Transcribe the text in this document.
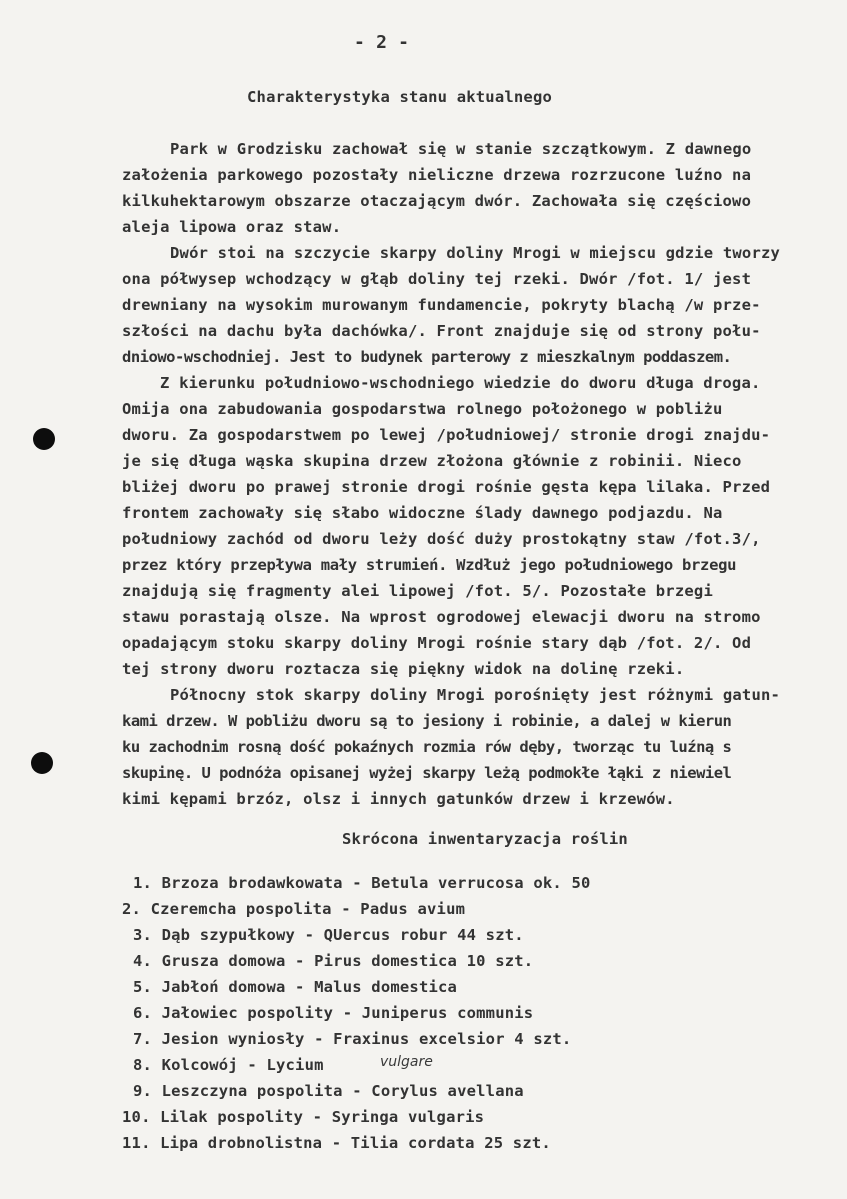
- 2 -
Charakterystyka stanu aktualnego
Park w Grodzisku zachował się w stanie szczątkowym. Z dawnego
założenia parkowego pozostały nieliczne drzewa rozrzucone luźno na
kilkuhektarowym obszarze otaczającym dwór. Zachowała się częściowo
aleja lipowa oraz staw.
Dwór stoi na szczycie skarpy doliny Mrogi w miejscu gdzie tworzy
ona półwysep wchodzący w głąb doliny tej rzeki. Dwór /fot. 1/ jest
drewniany na wysokim murowanym fundamencie, pokryty blachą /w prze-
szłości na dachu była dachówka/. Front znajduje się od strony połu-
dniowo-wschodniej. Jest to budynek parterowy z mieszkalnym poddaszem.
Z kierunku południowo-wschodniego wiedzie do dworu długa droga.
Omija ona zabudowania gospodarstwa rolnego położonego w pobliżu
dworu. Za gospodarstwem po lewej /południowej/ stronie drogi znajdu-
je się długa wąska skupina drzew złożona głównie z robinii. Nieco
bliżej dworu po prawej stronie drogi rośnie gęsta kępa lilaka. Przed
frontem zachowały się słabo widoczne ślady dawnego podjazdu. Na
południowy zachód od dworu leży dość duży prostokątny staw /fot.3/,
przez który przepływa mały strumień. Wzdłuż jego południowego brzegu
znajdują się fragmenty alei lipowej /fot. 5/. Pozostałe brzegi
stawu porastają olsze. Na wprost ogrodowej elewacji dworu na stromo
opadającym stoku skarpy doliny Mrogi rośnie stary dąb /fot. 2/. Od
tej strony dworu roztacza się piękny widok na dolinę rzeki.
Północny stok skarpy doliny Mrogi porośnięty jest różnymi gatun-
kami drzew. W pobliżu dworu są to jesiony i robinie, a dalej w kierun
ku zachodnim rosną dość pokaźnych rozmia rów dęby, tworząc tu luźną s
skupinę. U podnóża opisanej wyżej skarpy leżą podmokłe łąki z niewiel
kimi kępami brzóz, olsz i innych gatunków drzew i krzewów.
Skrócona inwentaryzacja roślin
1. Brzoza brodawkowata - Betula verrucosa ok. 50
2. Czeremcha pospolita - Padus avium
3. Dąb szypułkowy - QUercus robur 44 szt.
4. Grusza domowa - Pirus domestica 10 szt.
5. Jabłoń domowa - Malus domestica
6. Jałowiec pospolity - Juniperus communis
7. Jesion wyniosły - Fraxinus excelsior 4 szt.
8. Kolcowój - Lycium	vulgare
9. Leszczyna pospolita - Corylus avellana
10. Lilak pospolity - Syringa vulgaris
11. Lipa drobnolistna - Tilia cordata 25 szt.
